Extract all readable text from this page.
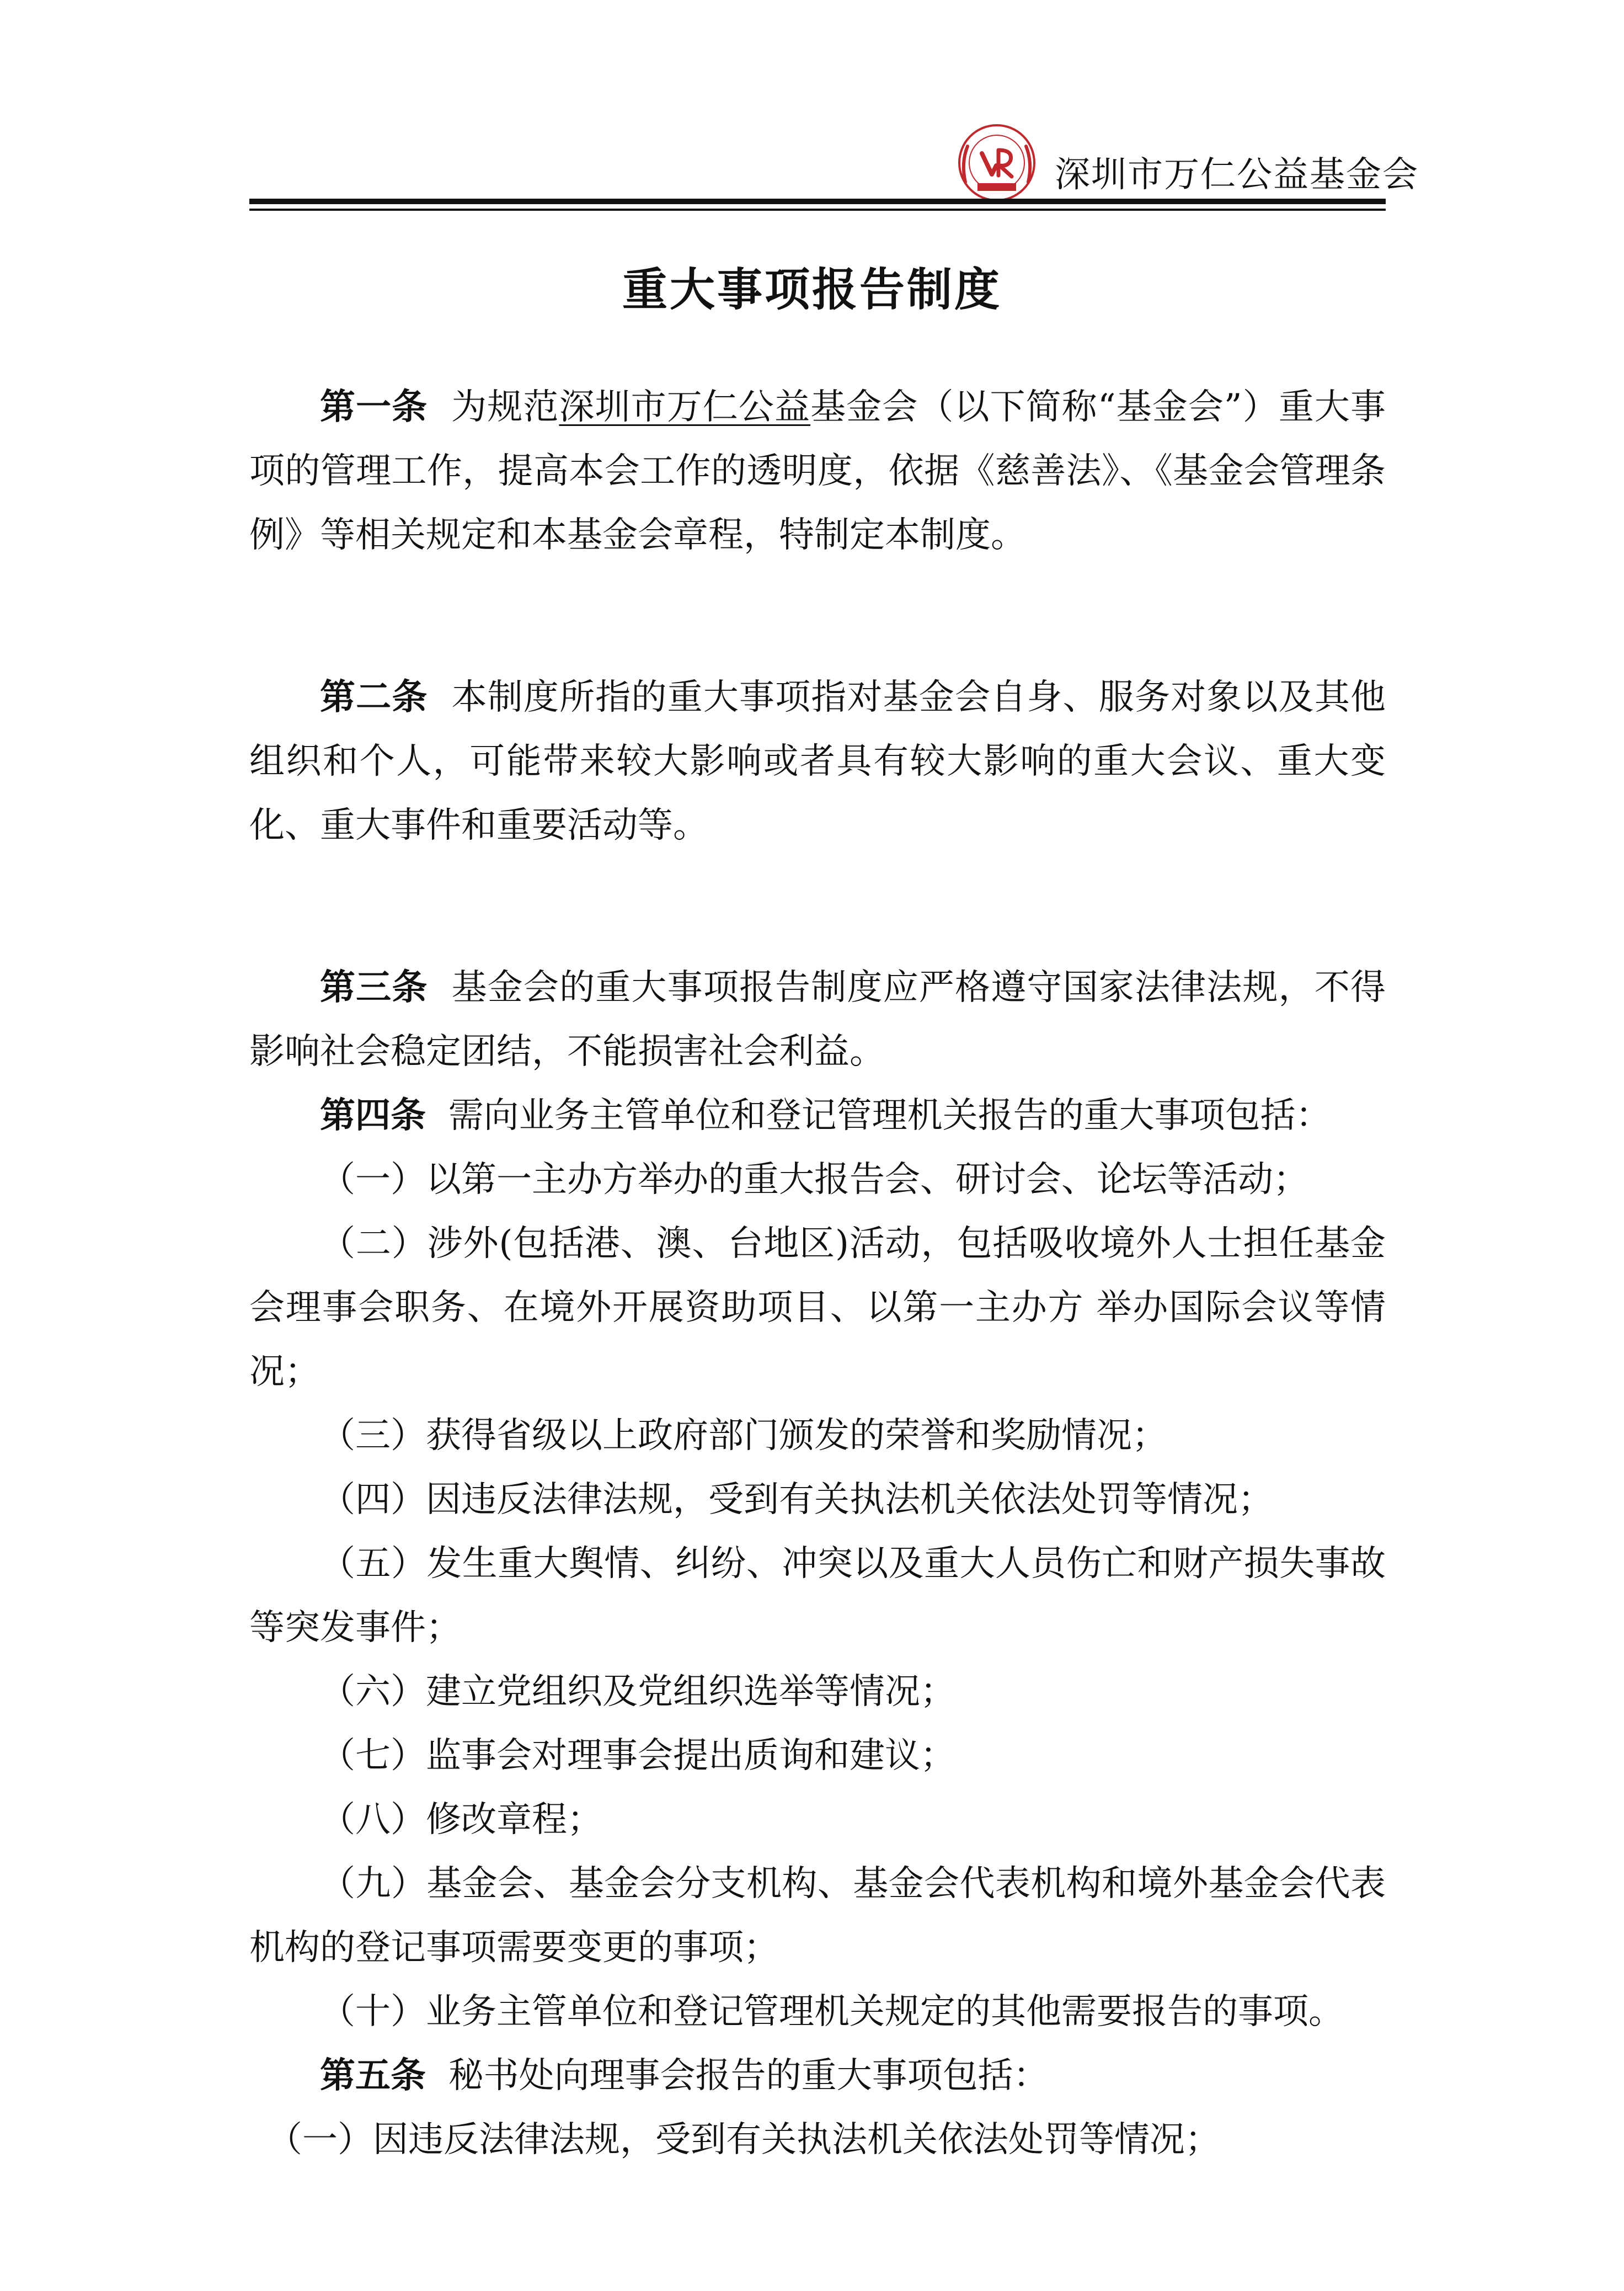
深圳市万仁公益基金会
重大事项报告制度

第一条 为规范深圳市万仁公益基金会（以下简称“基金会”）重大事项的管理工作，提高本会工作的透明度，依据《慈善法》、《基金会管理条例》等相关规定和本基金会章程，特制定本制度。

第二条 本制度所指的重大事项指对基金会自身、服务对象以及其他组织和个人，可能带来较大影响或者具有较大影响的重大会议、重大变化、重大事件和重要活动等。

第三条 基金会的重大事项报告制度应严格遵守国家法律法规，不得影响社会稳定团结，不能损害社会利益。

第四条 需向业务主管单位和登记管理机关报告的重大事项包括：

（一）以第一主办方举办的重大报告会、研讨会、论坛等活动；

（二）涉外(包括港、澳、台地区)活动，包括吸收境外人士担任基金会理事会职务、在境外开展资助项目、以第一主办方 举办国际会议等情况；

（三）获得省级以上政府部门颁发的荣誉和奖励情况；

（四）因违反法律法规，受到有关执法机关依法处罚等情况；

（五）发生重大舆情、纠纷、冲突以及重大人员伤亡和财产损失事故等突发事件；

（六）建立党组织及党组织选举等情况；

（七）监事会对理事会提出质询和建议；

（八）修改章程；

（九）基金会、基金会分支机构、基金会代表机构和境外基金会代表机构的登记事项需要变更的事项；

（十）业务主管单位和登记管理机关规定的其他需要报告的事项。

第五条 秘书处向理事会报告的重大事项包括：

（一）因违反法律法规，受到有关执法机关依法处罚等情况；
